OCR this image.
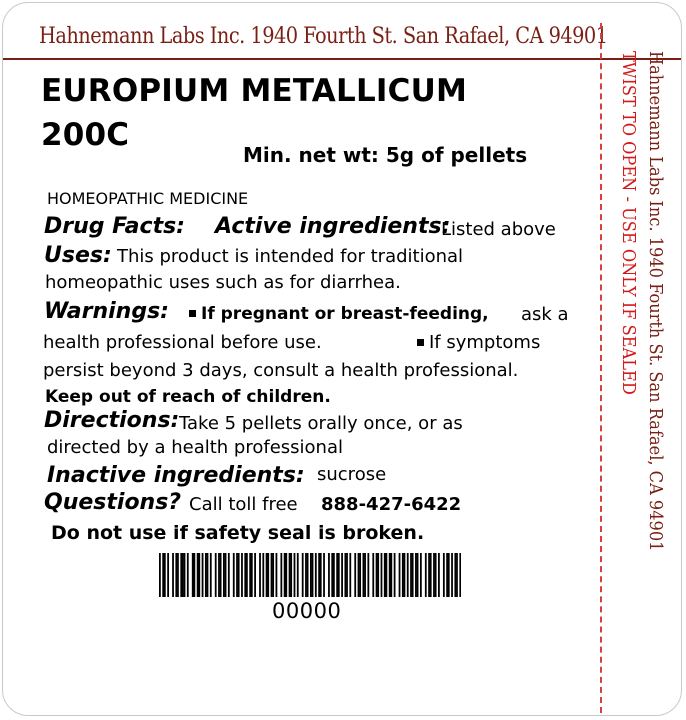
Hahnemann Labs Inc. 1940 Fourth St. San Rafael, CA 94901
EUROPIUM METALLICUM
200C
Min. net wt: 5g of pellets
HOMEOPATHIC MEDICINE
Drug Facts: Active ingredients:
Listed above
Uses: This product is intended for traditional
homeopathic uses such as for diarrhea.
Warnings:	If pregnant or breast-feeding, ask a
health professional before use.	If symptoms
persist beyond 3 days, consult a health professional.
Keep out of reach of children.
Directions: Take 5 pellets orally once, or as
directed by a health professional
Inactive ingredients: sucrose
Questions? Call toll free 888-427-6422
Do not use if safety seal is broken.
00000
Hahnemann Labs Inc. 1940 Fourth St. San Rafael, CA 94901
TWIST TO OPEN - USE ONLY IF SEALED
